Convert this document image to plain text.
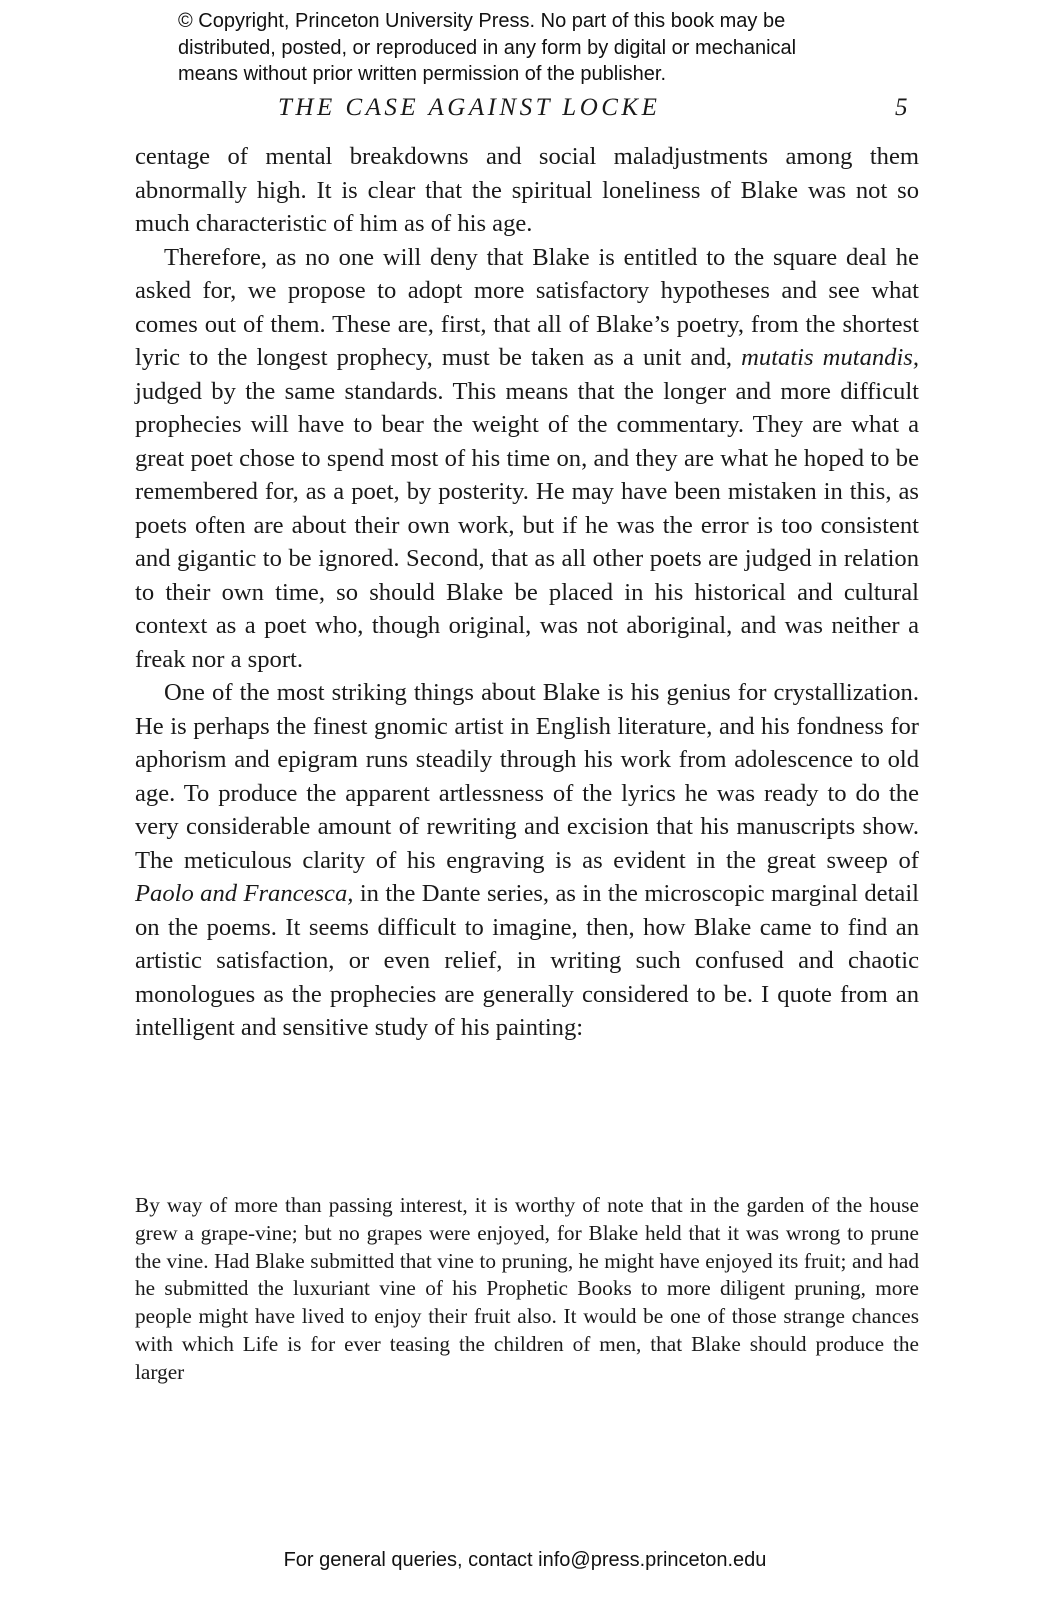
© Copyright, Princeton University Press. No part of this book may be
distributed, posted, or reproduced in any form by digital or mechanical
means without prior written permission of the publisher.
THE CASE AGAINST LOCKE	5

centage of mental breakdowns and social maladjustments among them abnormally high. It is clear that the spiritual loneliness of Blake was not so much characteristic of him as of his age.

Therefore, as no one will deny that Blake is entitled to the square deal he asked for, we propose to adopt more satisfactory hypotheses and see what comes out of them. These are, first, that all of Blake’s poetry, from the shortest lyric to the longest prophecy, must be taken as a unit and, mutatis mutandis, judged by the same standards. This means that the longer and more difficult prophecies will have to bear the weight of the commentary. They are what a great poet chose to spend most of his time on, and they are what he hoped to be remembered for, as a poet, by posterity. He may have been mistaken in this, as poets often are about their own work, but if he was the error is too consistent and gigantic to be ignored. Second, that as all other poets are judged in relation to their own time, so should Blake be placed in his historical and cultural context as a poet who, though original, was not aboriginal, and was neither a freak nor a sport.

One of the most striking things about Blake is his genius for crystallization. He is perhaps the finest gnomic artist in English literature, and his fondness for aphorism and epigram runs steadily through his work from adolescence to old age. To produce the apparent artlessness of the lyrics he was ready to do the very considerable amount of rewriting and excision that his manuscripts show. The meticulous clarity of his engraving is as evident in the great sweep of Paolo and Francesca, in the Dante series, as in the microscopic marginal detail on the poems. It seems difficult to imagine, then, how Blake came to find an artistic satisfaction, or even relief, in writing such confused and chaotic monologues as the prophecies are generally considered to be. I quote from an intelligent and sensitive study of his painting:

By way of more than passing interest, it is worthy of note that in the garden of the house grew a grape-vine; but no grapes were enjoyed, for Blake held that it was wrong to prune the vine. Had Blake submitted that vine to pruning, he might have enjoyed its fruit; and had he submitted the luxuriant vine of his Prophetic Books to more diligent pruning, more people might have lived to enjoy their fruit also. It would be one of those strange chances with which Life is for ever teasing the children of men, that Blake should produce the larger

For general queries, contact info@press.princeton.edu
